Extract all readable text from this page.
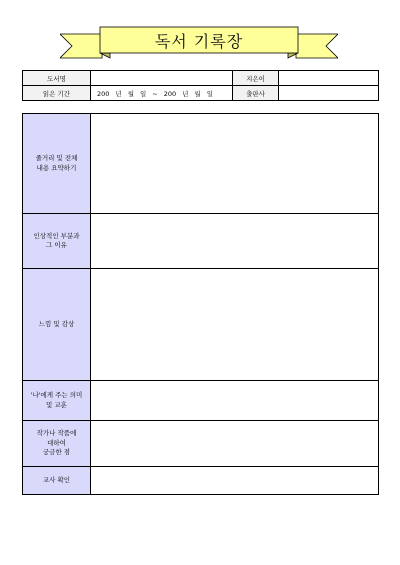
독서 기록장
도서명		지은이	
읽은 기간	200 년 월 일 ~ 200 년 월 일	출판사	
줄거리 및 전체
내용 요약하기	

인상적인 부분과
그 이유	

느낌 및 감상	

'나'에게 주는 의미
및 교훈	

작가나 작품에
대하여
궁금한 점	

교사 확인	
